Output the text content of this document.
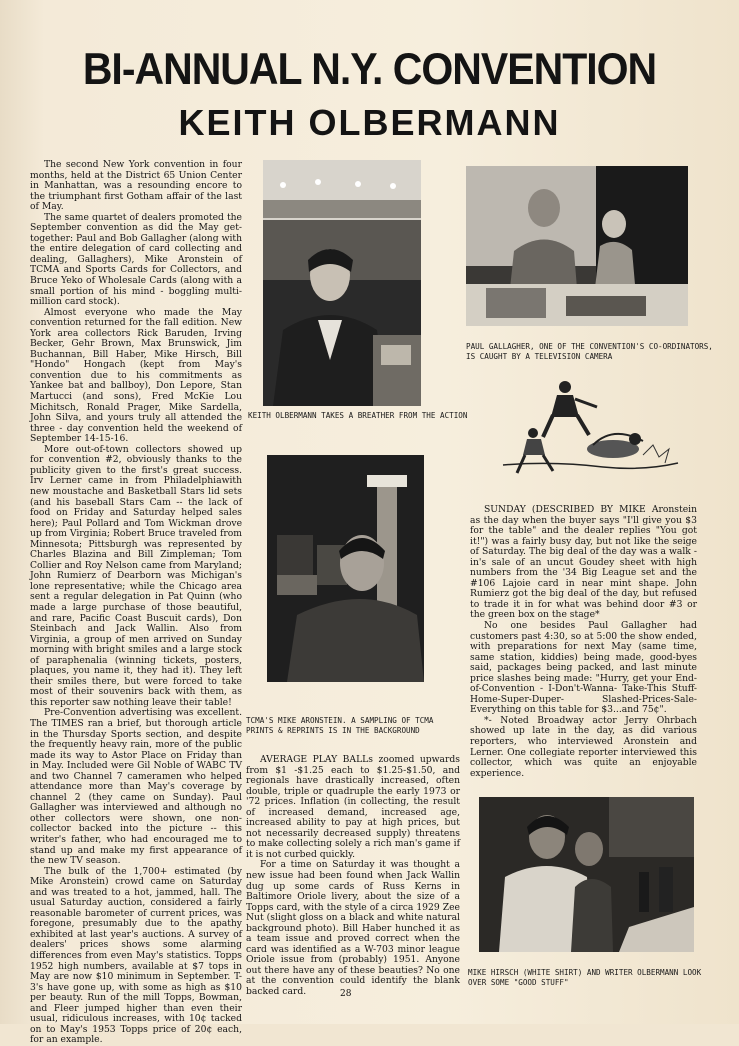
BI-ANNUAL N.Y. CONVENTION
KEITH OLBERMANN

The second New York convention in four months, held at the District 65 Union Center in Manhattan, was a resounding encore to the triumphant first Gotham affair of the last of May.

The same quartet of dealers promoted the September convention as did the May get-together: Paul and Bob Gallagher (along with the entire delegation of card collecting and dealing, Gallaghers), Mike Aronstein of TCMA and Sports Cards for Collectors, and Bruce Yeko of Wholesale Cards (along with a small portion of his mind - boggling multi-million card stock).

Almost everyone who made the May convention returned for the fall edition. New York area collectors Rick Baruden, Irving Becker, Gehr Brown, Max Brunswick, Jim Buchannan, Bill Haber, Mike Hirsch, Bill "Hondo" Hongach (kept from May's convention due to his commitments as Yankee bat and ballboy), Don Lepore, Stan Martucci (and sons), Fred McKie Lou Michitsch, Ronald Prager, Mike Sardella, John Silva, and yours truly all attended the three - day convention held the weekend of September 14-15-16.

More out-of-town collectors showed up for convention #2, obviously thanks to the publicity given to the first's great success. Irv Lerner came in from Philadelphiawith new moustache and Basketball Stars lid sets (and his baseball Stars Cam -- the lack of food on Friday and Saturday helped sales here); Paul Pollard and Tom Wickman drove up from Virginia; Robert Bruce traveled from Minnesota; Pittsburgh was represented by Charles Blazina and Bill Zimpleman; Tom Collier and Roy Nelson came from Maryland; John Rumierz of Dearborn was Michigan's lone representative; while the Chicago area sent a regular delegation in Pat Quinn (who made a large purchase of those beautiful, and rare, Pacific Coast Buscuit cards), Don Steinbach and Jack Wallin. Also from Virginia, a group of men arrived on Sunday morning with bright smiles and a large stock of paraphenalia (winning tickets, posters, plaques, you name it, they had it). They left their smiles there, but were forced to take most of their souvenirs back with them, as this reporter saw nothing leave their table!

Pre-Convention advertising was excellent. The TIMES ran a brief, but thorough article in the Thursday Sports section, and despite the frequently heavy rain, more of the public made its way to Astor Place on Friday than in May. Included were Gil Noble of WABC TV and two Channel 7 cameramen who helped attendance more than May's coverage by channel 2 (they came on Sunday). Paul Gallagher was interviewed and although no other collectors were shown, one non-collector backed into the picture -- this writer's father, who had encouraged me to stand up and make my first appearance of the new TV season.

The bulk of the 1,700+ estimated (by Mike Aronstein) crowd came on Saturday and was treated to a hot, jammed, hall. The usual Saturday auction, considered a fairly reasonable barometer of current prices, was foregone, presumably due to the apathy exhibited at last year's auctions. A survey of dealers' prices shows some alarming differences from even May's statistics. Topps 1952 high numbers, available at $7 tops in May are now $10 minimum in September. T-3's have gone up, with some as high as $10 per beauty. Run of the mill Topps, Bowman, and Fleer jumped higher than even their usual, ridiculous increases, with 10¢ tacked on to May's 1953 Topps price of 20¢ each, for an example.

KEITH OLBERMANN TAKES A BREATHER FROM THE ACTION
PAUL GALLAGHER, ONE OF THE CONVENTION'S CO-ORDINATORS, IS CAUGHT BY A TELEVISION CAMERA
TCMA'S MIKE ARONSTEIN. A SAMPLING OF TCMA PRINTS & REPRINTS IS IN THE BACKGROUND

AVERAGE PLAY BALLs zoomed upwards from $1 -$1.25 each to $1.25-$1.50, and regionals have drastically increased, often double, triple or quadruple the early 1973 or '72 prices. Inflation (in collecting, the result of increased demand, increased age, increased ability to pay at high prices, but not necessarily decreased supply) threatens to make collecting solely a rich man's game if it is not curbed quickly.

For a time on Saturday it was thought a new issue had been found when Jack Wallin dug up some cards of Russ Kerns in Baltimore Oriole livery, about the size of a Topps card, with the style of a circa 1929 Zee Nut (slight gloss on a black and white natural background photo). Bill Haber hunched it as a team issue and proved correct when the card was identified as a W-703 minor league Oriole issue from (probably) 1951. Anyone out there have any of these beauties? No one at the convention could identify the blank backed card.

SUNDAY (DESCRIBED BY MIKE Aronstein as the day when the buyer says "I'll give you $3 for the table" and the dealer replies "You got it!") was a fairly busy day, but not like the seige of Saturday. The big deal of the day was a walk - in's sale of an uncut Goudey sheet with high numbers from the '34 Big League set and the #106 Lajoie card in near mint shape. John Rumierz got the big deal of the day, but refused to trade it in for what was behind door #3 or the green box on the stage*

No one besides Paul Gallagher had customers past 4:30, so at 5:00 the show ended, with preparations for next May (same time, same station, kiddies) being made, good-byes said, packages being packed, and last minute price slashes being made: "Hurry, get your End-of-Convention - I-Don't-Wanna- Take-This Stuff-Home-Super-Duper- Slashed-Prices-Sale- Everything on this table for $3...and 75¢".

*- Noted Broadway actor Jerry Ohrbach showed up late in the day, as did various reporters, who interviewed Aronstein and Lerner. One collegiate reporter interviewed this collector, which was quite an enjoyable experience.

MIKE HIRSCH (WHITE SHIRT) AND WRITER OLBERMANN LOOK OVER SOME "GOOD STUFF"
28
